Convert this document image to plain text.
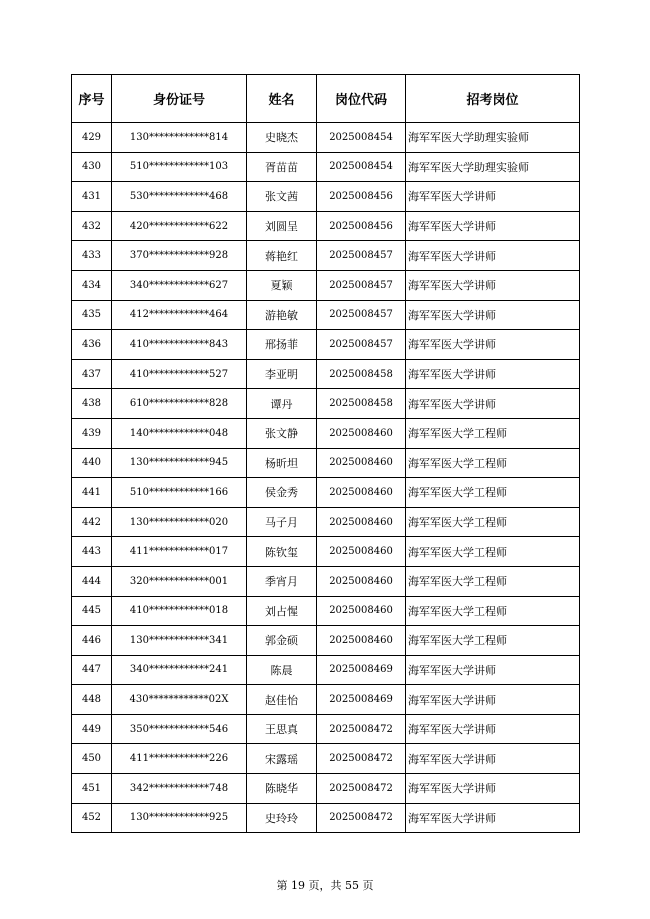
序号	身份证号	姓名	岗位代码	招考岗位
429	130************814	史晓杰	2025008454	海军军医大学助理实验师
430	510************103	胥苗苗	2025008454	海军军医大学助理实验师
431	530************468	张文茜	2025008456	海军军医大学讲师
432	420************622	刘圆呈	2025008456	海军军医大学讲师
433	370************928	蒋艳红	2025008457	海军军医大学讲师
434	340************627	夏颖	2025008457	海军军医大学讲师
435	412************464	游艳敏	2025008457	海军军医大学讲师
436	410************843	邢扬菲	2025008457	海军军医大学讲师
437	410************527	李亚明	2025008458	海军军医大学讲师
438	610************828	谭丹	2025008458	海军军医大学讲师
439	140************048	张文静	2025008460	海军军医大学工程师
440	130************945	杨昕坦	2025008460	海军军医大学工程师
441	510************166	侯金秀	2025008460	海军军医大学工程师
442	130************020	马子月	2025008460	海军军医大学工程师
443	411************017	陈钦玺	2025008460	海军军医大学工程师
444	320************001	季宵月	2025008460	海军军医大学工程师
445	410************018	刘占惺	2025008460	海军军医大学工程师
446	130************341	郭金硕	2025008460	海军军医大学工程师
447	340************241	陈晨	2025008469	海军军医大学讲师
448	430************02X	赵佳怡	2025008469	海军军医大学讲师
449	350************546	王思真	2025008472	海军军医大学讲师
450	411************226	宋露瑶	2025008472	海军军医大学讲师
451	342************748	陈晓华	2025008472	海军军医大学讲师
452	130************925	史玲玲	2025008472	海军军医大学讲师
第 19 页，共 55 页
